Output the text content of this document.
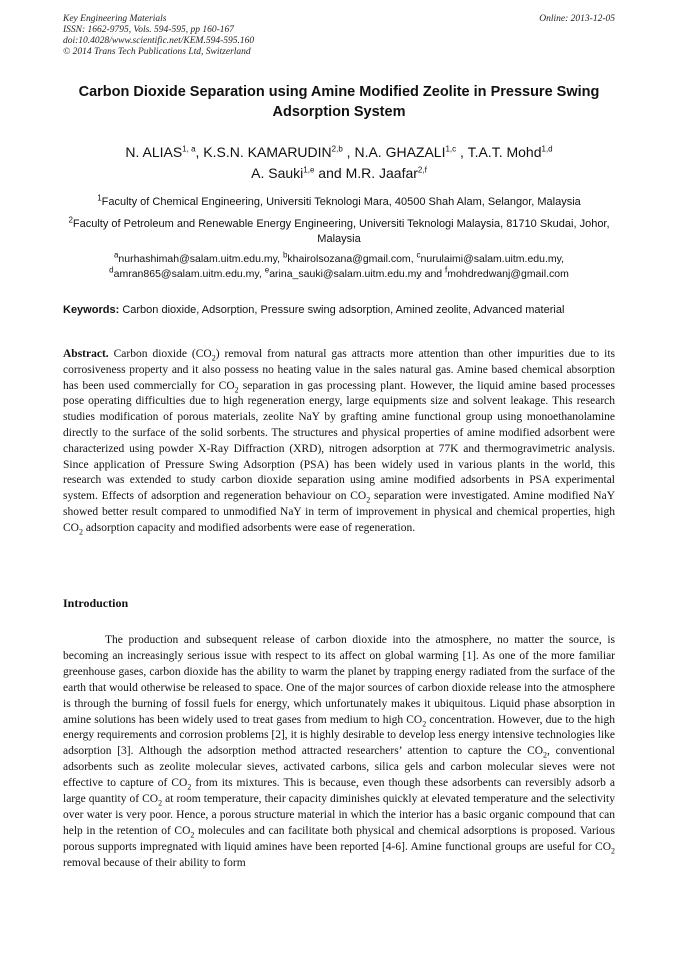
Key Engineering Materials
ISSN: 1662-9795, Vols. 594-595, pp 160-167
doi:10.4028/www.scientific.net/KEM.594-595.160
© 2014 Trans Tech Publications Ltd, Switzerland
Online: 2013-12-05
Carbon Dioxide Separation using Amine Modified Zeolite in Pressure Swing Adsorption System
N. ALIAS$^{1, a}$, K.S.N. KAMARUDIN$^{2,b}$ , N.A. GHAZALI$^{1,c}$ , T.A.T. Mohd$^{1,d}$
A. Sauki$^{1,e}$ and M.R. Jaafar$^{2,f}$
$^1$Faculty of Chemical Engineering, Universiti Teknologi Mara, 40500 Shah Alam, Selangor, Malaysia
$^2$Faculty of Petroleum and Renewable Energy Engineering, Universiti Teknologi Malaysia, 81710 Skudai, Johor, Malaysia
$^a$nurhashimah@salam.uitm.edu.my, $^b$khairolsozana@gmail.com, $^c$nurulaimi@salam.uitm.edu.my,
$^d$amran865@salam.uitm.edu.my, $^e$arina_sauki@salam.uitm.edu.my and $^f$mohdredwanj@gmail.com
Keywords: Carbon dioxide, Adsorption, Pressure swing adsorption, Amined zeolite, Advanced material
Abstract. Carbon dioxide $(CO_2)$ removal from natural gas attracts more attention than other impurities due to its corrosiveness property and it also possess no heating value in the sales natural gas. Amine based chemical absorption has been used commercially for $CO_2$ separation in gas processing plant. However, the liquid amine based processes pose operating difficulties due to high regeneration energy, large equipments size and solvent leakage. This research studies modification of porous materials, zeolite NaY by grafting amine functional group using monoethanolamine directly to the surface of the solid sorbents. The structures and physical properties of amine modified adsorbent were characterized using powder X-Ray Diffraction (XRD), nitrogen adsorption at 77K and thermogravimetric analysis. Since application of Pressure Swing Adsorption (PSA) has been widely used in various plants in the world, this research was extended to study carbon dioxide separation using amine modified adsorbents in PSA experimental system. Effects of adsorption and regeneration behaviour on $CO_2$ separation were investigated. Amine modified NaY showed better result compared to unmodified NaY in term of improvement in physical and chemical properties, high $CO_2$ adsorption capacity and modified adsorbents were ease of regeneration.
Introduction
The production and subsequent release of carbon dioxide into the atmosphere, no matter the source, is becoming an increasingly serious issue with respect to its affect on global warming [1]. As one of the more familiar greenhouse gases, carbon dioxide has the ability to warm the planet by trapping energy radiated from the surface of the earth that would otherwise be released to space. One of the major sources of carbon dioxide release into the atmosphere is through the burning of fossil fuels for energy, which unfortunately makes it ubiquitous. Liquid phase absorption in amine solutions has been widely used to treat gases from medium to high $CO_2$ concentration. However, due to the high energy requirements and corrosion problems [2], it is highly desirable to develop less energy intensive technologies like adsorption [3]. Although the adsorption method attracted researchers’ attention to capture the $CO_2$, conventional adsorbents such as zeolite molecular sieves, activated carbons, silica gels and carbon molecular sieves were not effective to capture of $CO_2$ from its mixtures. This is because, even though these adsorbents can reversibly adsorb a large quantity of $CO_2$ at room temperature, their capacity diminishes quickly at elevated temperature and the selectivity over water is very poor. Hence, a porous structure material in which the interior has a basic organic compound that can help in the retention of $CO_2$ molecules and can facilitate both physical and chemical adsorptions is proposed. Various porous supports impregnated with liquid amines have been reported [4-6]. Amine functional groups are useful for $CO_2$ removal because of their ability to form
